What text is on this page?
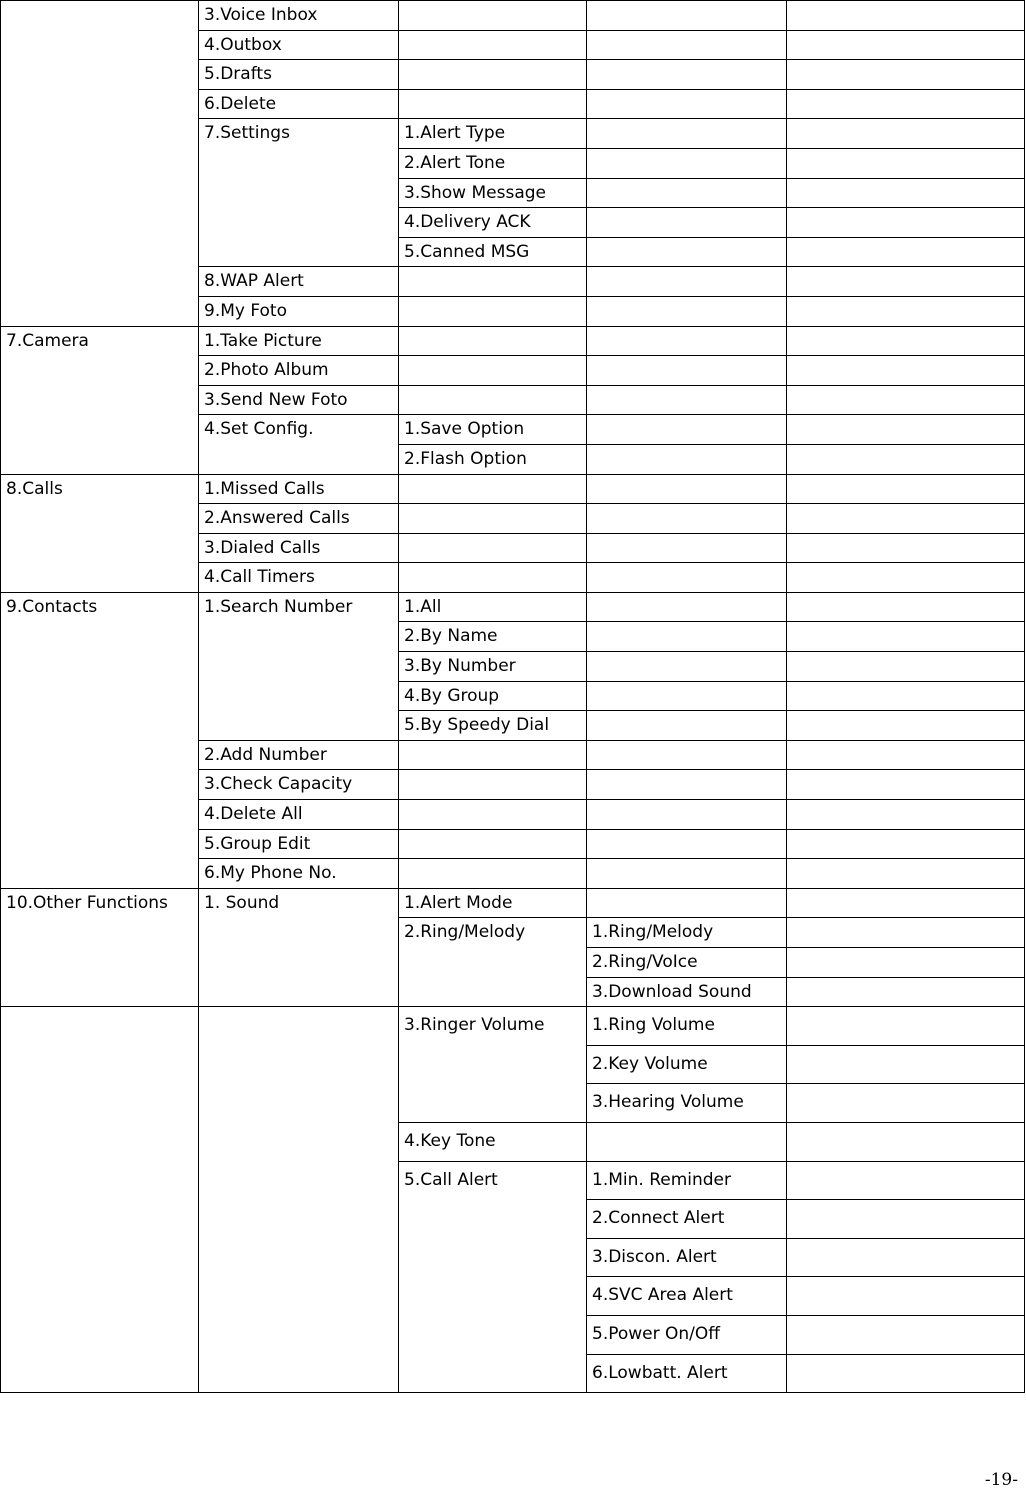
	3.Voice Inbox			
	4.Outbox			
	5.Drafts			
	6.Delete			
	7.Settings	1.Alert Type		
		2.Alert Tone		
		3.Show Message		
		4.Delivery ACK		
		5.Canned MSG		
	8.WAP Alert			
	9.My Foto			
7.Camera	1.Take Picture			
	2.Photo Album			
	3.Send New Foto			
	4.Set Config.	1.Save Option		
		2.Flash Option		
8.Calls	1.Missed Calls			
	2.Answered Calls			
	3.Dialed Calls			
	4.Call Timers			
9.Contacts	1.Search Number	1.All		
		2.By Name		
		3.By Number		
		4.By Group		
		5.By Speedy Dial		
	2.Add Number			
	3.Check Capacity			
	4.Delete All			
	5.Group Edit			
	6.My Phone No.			
10.Other Functions	1. Sound	1.Alert Mode		
		2.Ring/Melody	1.Ring/Melody	
			2.Ring/VoIce	
			3.Download Sound	
		3.Ringer Volume	1.Ring Volume	
			2.Key Volume	
			3.Hearing Volume	
		4.Key Tone		
		5.Call Alert	1.Min. Reminder	
			2.Connect Alert	
			3.Discon. Alert	
			4.SVC Area Alert	
			5.Power On/Off	
			6.Lowbatt. Alert	
-19-
